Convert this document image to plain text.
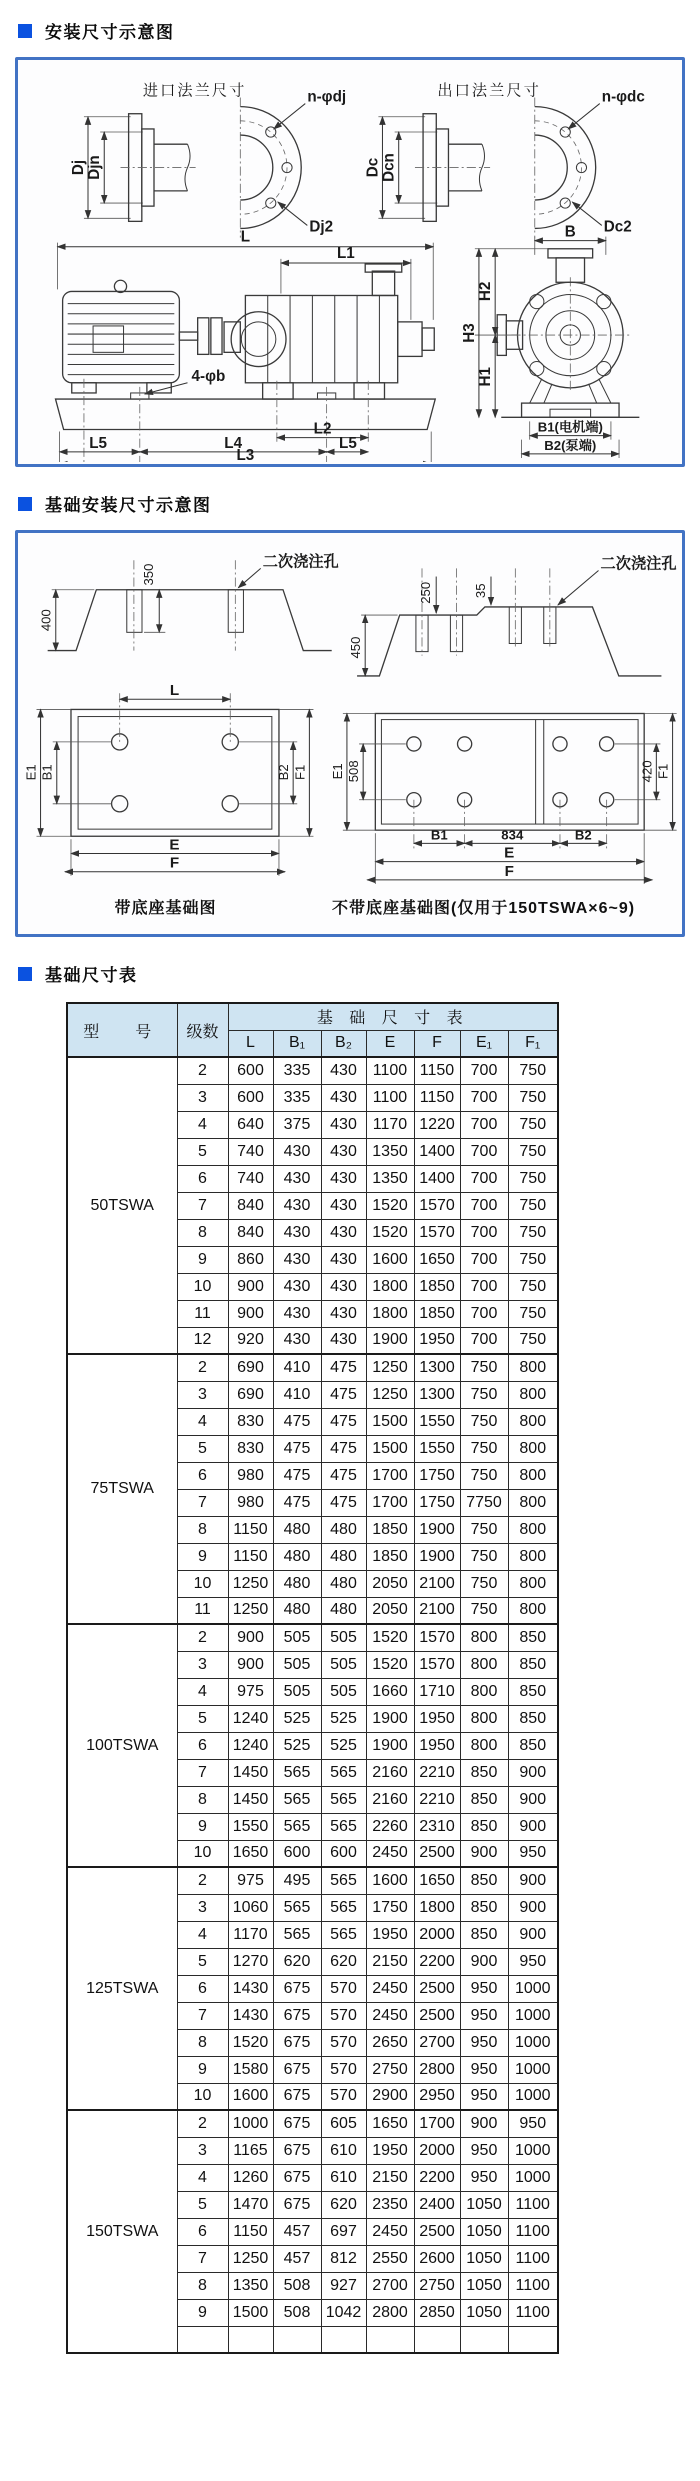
安装尺寸示意图
进口法兰尺寸
Dj Djn
n-φdj
Dj2
出口法兰尺寸
Dc Dcn
n-φdc
Dc2
L
L1
4-φb
L2
L5	L4	L5
L3
B
H3
H2
H1
B1(电机端)
B2(泵端)
基础安装尺寸示意图
400
350
二次浇注孔
450
250	35
二次浇注孔
L
E1 B1	B2 F1
E
F
E1 508	420 F1
B1	834	B2
E
F
带底座基础图	不带底座基础图(仅用于150TSWA×6~9)
基础尺寸表
型　号	级数	基 础 尺 寸 表						
		L	B₁	B₂	E	F	E₁	F₁
50TSWA	2	600	335	430	1100	1150	700	750
	3	600	335	430	1100	1150	700	750
	4	640	375	430	1170	1220	700	750
	5	740	430	430	1350	1400	700	750
	6	740	430	430	1350	1400	700	750
	7	840	430	430	1520	1570	700	750
	8	840	430	430	1520	1570	700	750
	9	860	430	430	1600	1650	700	750
	10	900	430	430	1800	1850	700	750
	11	900	430	430	1800	1850	700	750
	12	920	430	430	1900	1950	700	750
75TSWA	2	690	410	475	1250	1300	750	800
	3	690	410	475	1250	1300	750	800
	4	830	475	475	1500	1550	750	800
	5	830	475	475	1500	1550	750	800
	6	980	475	475	1700	1750	750	800
	7	980	475	475	1700	1750	7750	800
	8	1150	480	480	1850	1900	750	800
	9	1150	480	480	1850	1900	750	800
	10	1250	480	480	2050	2100	750	800
	11	1250	480	480	2050	2100	750	800
100TSWA	2	900	505	505	1520	1570	800	850
	3	900	505	505	1520	1570	800	850
	4	975	505	505	1660	1710	800	850
	5	1240	525	525	1900	1950	800	850
	6	1240	525	525	1900	1950	800	850
	7	1450	565	565	2160	2210	850	900
	8	1450	565	565	2160	2210	850	900
	9	1550	565	565	2260	2310	850	900
	10	1650	600	600	2450	2500	900	950
125TSWA	2	975	495	565	1600	1650	850	900
	3	1060	565	565	1750	1800	850	900
	4	1170	565	565	1950	2000	850	900
	5	1270	620	620	2150	2200	900	950
	6	1430	675	570	2450	2500	950	1000
	7	1430	675	570	2450	2500	950	1000
	8	1520	675	570	2650	2700	950	1000
	9	1580	675	570	2750	2800	950	1000
	10	1600	675	570	2900	2950	950	1000
150TSWA	2	1000	675	605	1650	1700	900	950
	3	1165	675	610	1950	2000	950	1000
	4	1260	675	610	2150	2200	950	1000
	5	1470	675	620	2350	2400	1050	1100
	6	1150	457	697	2450	2500	1050	1100
	7	1250	457	812	2550	2600	1050	1100
	8	1350	508	927	2700	2750	1050	1100
	9	1500	508	1042	2800	2850	1050	1100
